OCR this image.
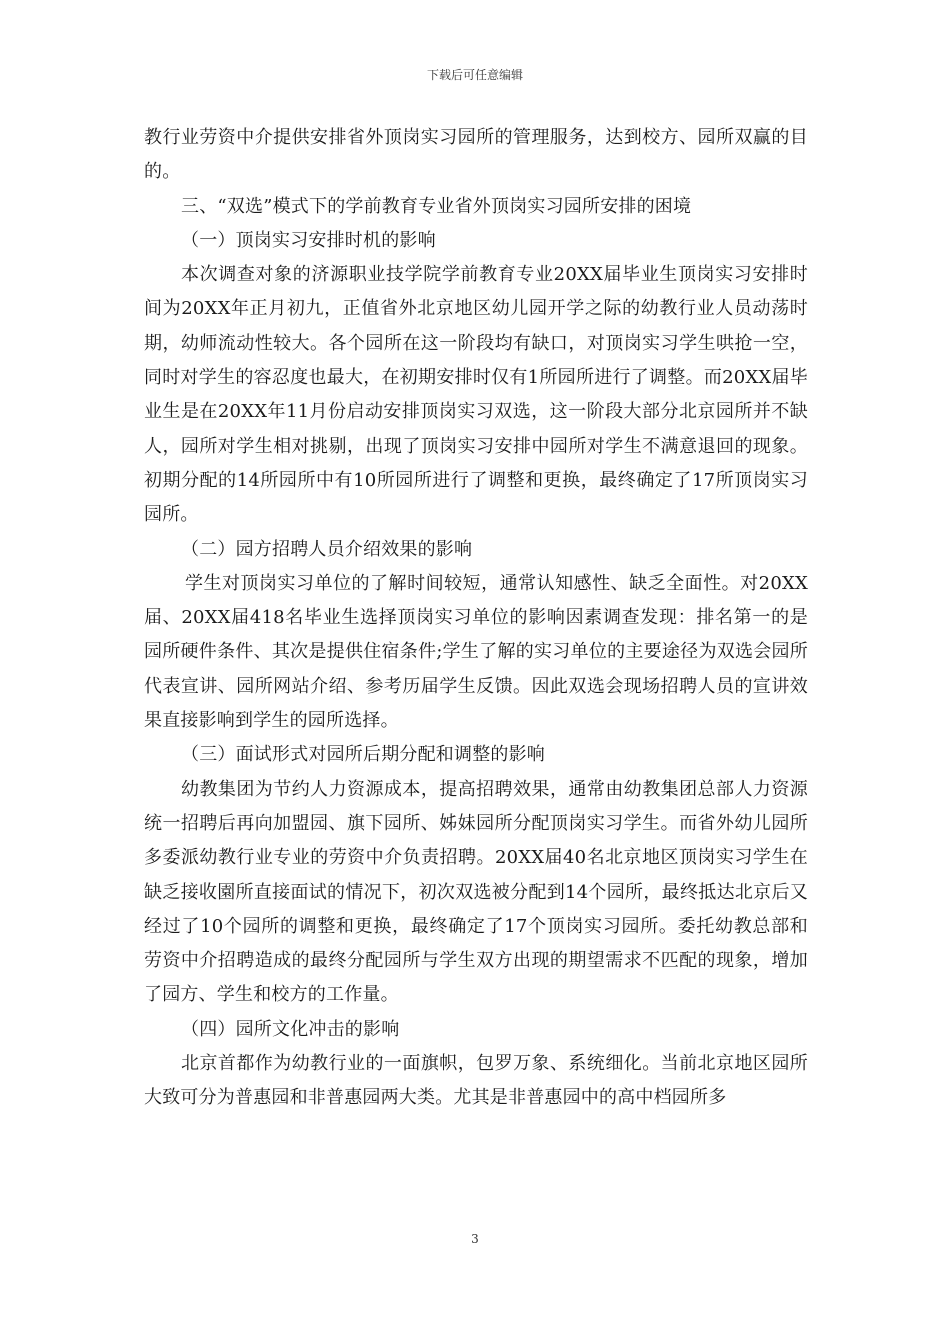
下载后可任意编辑

教行业劳资中介提供安排省外顶岗实习园所的管理服务，达到校方、园所双赢的目的。

三、“双选”模式下的学前教育专业省外顶岗实习园所安排的困境

（一）顶岗实习安排时机的影响

本次调查对象的济源职业技学院学前教育专业20XX届毕业生顶岗实习安排时间为20XX年正月初九，正值省外北京地区幼儿园开学之际的幼教行业人员动荡时期，幼师流动性较大。各个园所在这一阶段均有缺口，对顶岗实习学生哄抢一空，同时对学生的容忍度也最大，在初期安排时仅有1所园所进行了调整。而20XX届毕业生是在20XX年11月份启动安排顶岗实习双选，这一阶段大部分北京园所并不缺人，园所对学生相对挑剔，出现了顶岗实习安排中园所对学生不满意退回的现象。初期分配的14所园所中有10所园所进行了调整和更换，最终确定了17所顶岗实习园所。

（二）园方招聘人员介绍效果的影响

学生对顶岗实习单位的了解时间较短，通常认知感性、缺乏全面性。对20XX届、20XX届418名毕业生选择顶岗实习单位的影响因素调查发现：排名第一的是园所硬件条件、其次是提供住宿条件;学生了解的实习单位的主要途径为双选会园所代表宣讲、园所网站介绍、参考历届学生反馈。因此双选会现场招聘人员的宣讲效果直接影响到学生的园所选择。

（三）面试形式对园所后期分配和调整的影响

幼教集团为节约人力资源成本，提高招聘效果，通常由幼教集团总部人力资源统一招聘后再向加盟园、旗下园所、姊妹园所分配顶岗实习学生。而省外幼儿园所多委派幼教行业专业的劳资中介负责招聘。20XX届40名北京地区顶岗实习学生在缺乏接收園所直接面试的情况下，初次双选被分配到14个园所，最终抵达北京后又经过了10个园所的调整和更换，最终确定了17个顶岗实习园所。委托幼教总部和劳资中介招聘造成的最终分配园所与学生双方出现的期望需求不匹配的现象，增加了园方、学生和校方的工作量。

（四）园所文化冲击的影响

北京首都作为幼教行业的一面旗帜，包罗万象、系统细化。当前北京地区园所大致可分为普惠园和非普惠园两大类。尤其是非普惠园中的高中档园所多

3
